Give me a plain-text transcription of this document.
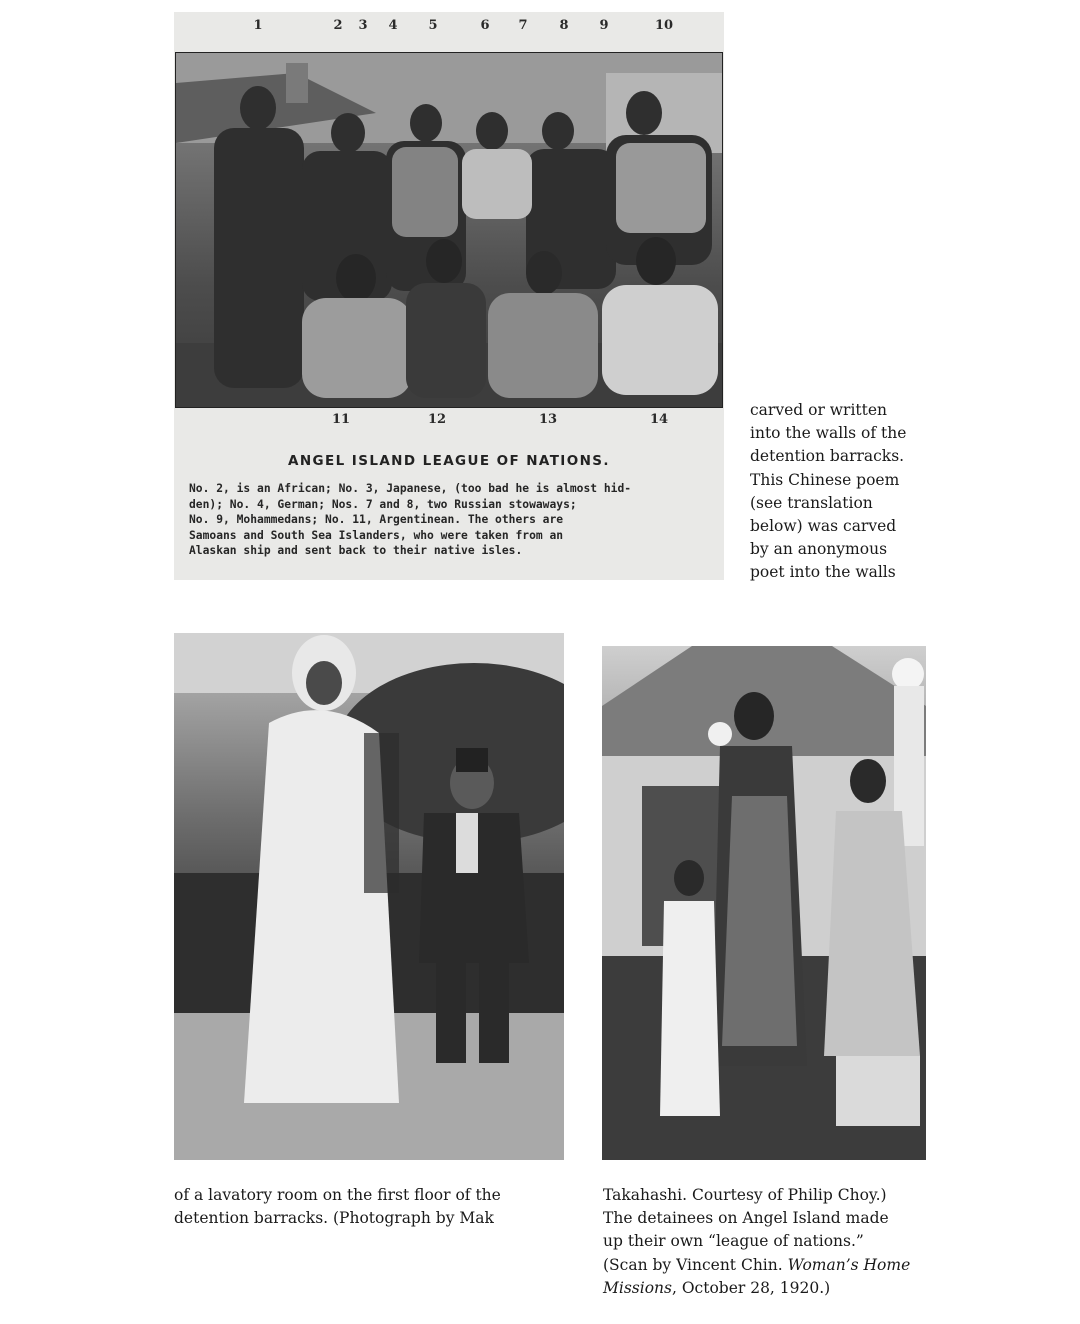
1	2 3 4 5	6 7 8 9	10
11	12	13	14
ANGEL ISLAND LEAGUE OF NATIONS.
No. 2, is an African; No. 3, Japanese, (too bad he is almost hid-
den); No. 4, German; Nos. 7 and 8, two Russian stowaways;
No. 9, Mohammedans; No. 11, Argentinean. The others are
Samoans and South Sea Islanders, who were taken from an
Alaskan ship and sent back to their native isles.
carved or written
into the walls of the
detention barracks.
This Chinese poem
(see translation
below) was carved
by an anonymous
poet into the walls
of a lavatory room on the first floor of the
detention barracks. (Photograph by Mak
Takahashi. Courtesy of Philip Choy.)
The detainees on Angel Island made
up their own “league of nations.”
(Scan by Vincent Chin. Woman’s Home
Missions, October 28, 1920.)
